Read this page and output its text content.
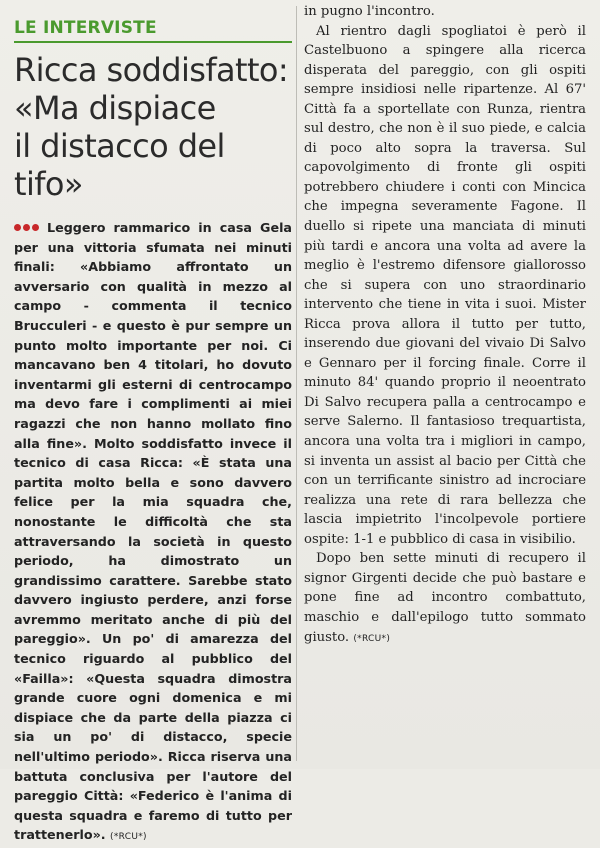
LE INTERVISTE
Ricca soddisfatto:
«Ma dispiace
il distacco del tifo»
Leggero rammarico in casa Gela per una vittoria sfumata nei minuti finali: «Abbiamo affrontato un avversario con qualità in mezzo al campo - commenta il tecnico Brucculeri - e questo è pur sempre un punto molto importante per noi. Ci mancavano ben 4 titolari, ho dovuto inventarmi gli esterni di centrocampo ma devo fare i complimenti ai miei ragazzi che non hanno mollato fino alla fine». Molto soddisfatto invece il tecnico di casa Ricca: «È stata una partita molto bella e sono davvero felice per la mia squadra che, nonostante le difficoltà che sta attraversando la società in questo periodo, ha dimostrato un grandissimo carattere. Sarebbe stato davvero ingiusto perdere, anzi forse avremmo meritato anche di più del pareggio». Un po' di amarezza del tecnico riguardo al pubblico del «Failla»: «Questa squadra dimostra grande cuore ogni domenica e mi dispiace che da parte della piazza ci sia un po' di distacco, specie nell'ultimo periodo». Ricca riserva una battuta conclusiva per l'autore del pareggio Città: «Federico è l'anima di questa squadra e faremo di tutto per trattenerlo». (*RCU*)

in pugno l'incontro.

Al rientro dagli spogliatoi è però il Castelbuono a spingere alla ricerca disperata del pareggio, con gli ospiti sempre insidiosi nelle ripartenze. Al 67' Città fa a sportellate con Runza, rientra sul destro, che non è il suo piede, e calcia di poco alto sopra la traversa. Sul capovolgimento di fronte gli ospiti potrebbero chiudere i conti con Mincica che impegna severamente Fagone. Il duello si ripete una manciata di minuti più tardi e ancora una volta ad avere la meglio è l'estremo difensore giallorosso che si supera con uno straordinario intervento che tiene in vita i suoi. Mister Ricca prova allora il tutto per tutto, inserendo due giovani del vivaio Di Salvo e Gennaro per il forcing finale. Corre il minuto 84' quando proprio il neoentrato Di Salvo recupera palla a centrocampo e serve Salerno. Il fantasioso trequartista, ancora una volta tra i migliori in campo, si inventa un assist al bacio per Città che con un terrificante sinistro ad incrociare realizza una rete di rara bellezza che lascia impietrito l'incolpevole portiere ospite: 1-1 e pubblico di casa in visibilio.

Dopo ben sette minuti di recupero il signor Girgenti decide che può bastare e pone fine ad incontro combattuto, maschio e dall'epilogo tutto sommato giusto. (*RCU*)
